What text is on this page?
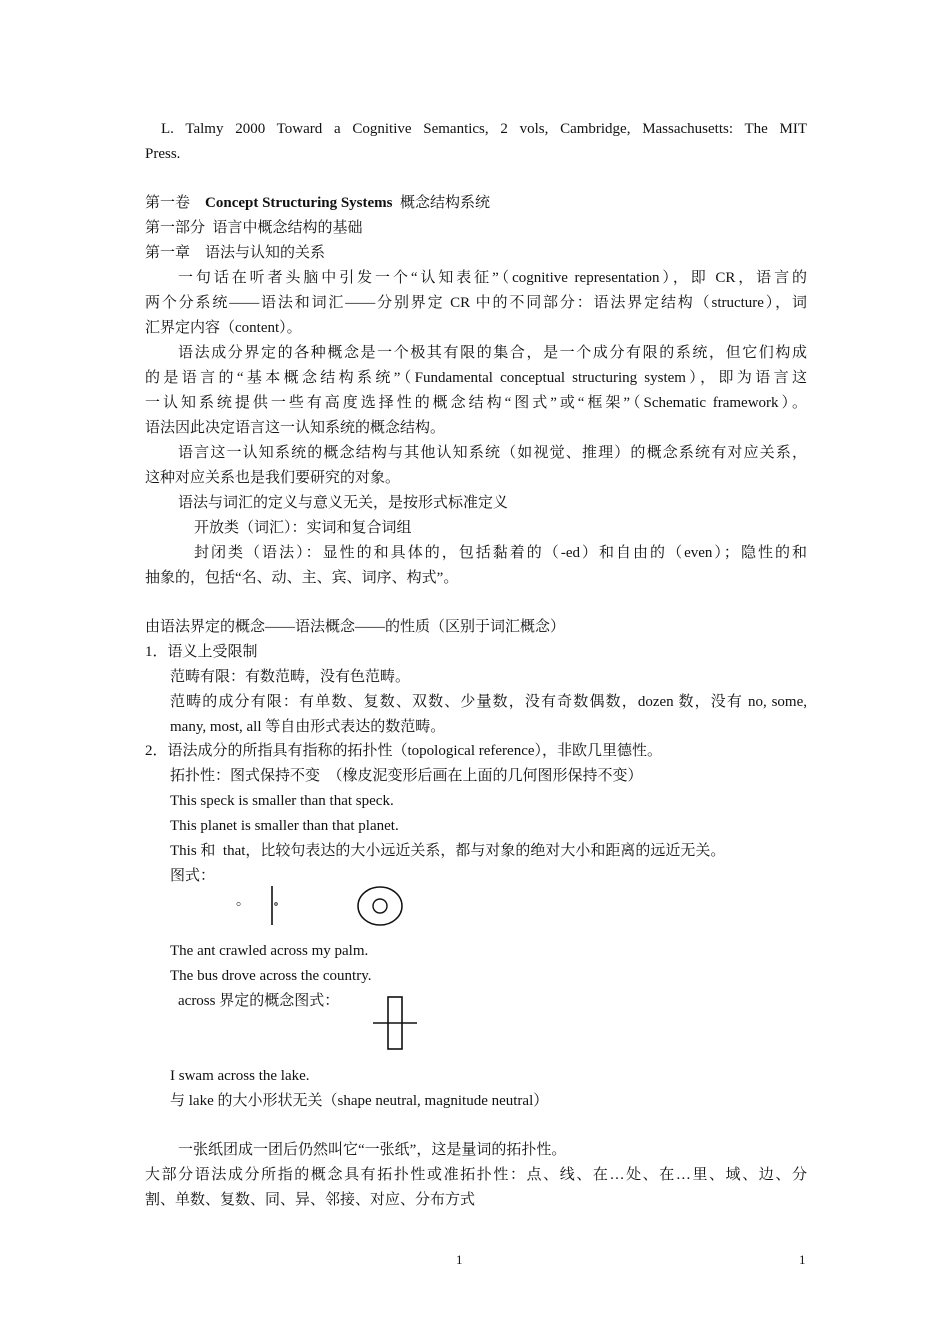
L. Talmy 2000 Toward a Cognitive Semantics, 2 vols, Cambridge, Massachusetts: The MIT
Press.
第一卷 Concept Structuring Systems 概念结构系统
第一部分  语言中概念结构的基础
第一章    语法与认知的关系
一句话在听者头脑中引发一个“认知表征”（cognitive representation），即 CR，语言的
两个分系统——语法和词汇——分别界定 CR 中的不同部分：语法界定结构（structure），词
汇界定内容（content）。
语法成分界定的各种概念是一个极其有限的集合，是一个成分有限的系统，但它们构成
的是语言的“基本概念结构系统”（Fundamental conceptual structuring system），即为语言这
一认知系统提供一些有高度选择性的概念结构“图式”或“框架”（Schematic framework）。
语法因此决定语言这一认知系统的概念结构。
语言这一认知系统的概念结构与其他认知系统（如视觉、推理）的概念系统有对应关系，
这种对应关系也是我们要研究的对象。
语法与词汇的定义与意义无关，是按形式标准定义
开放类（词汇）：实词和复合词组
封闭类（语法）：显性的和具体的，包括黏着的（-ed）和自由的（even）；隐性的和
抽象的，包括“名、动、主、宾、词序、构式”。
由语法界定的概念——语法概念——的性质（区别于词汇概念）
1．语义上受限制
范畴有限：有数范畴，没有色范畴。
范畴的成分有限：有单数、复数、双数、少量数，没有奇数偶数，dozen 数，没有 no, some,
many, most, all 等自由形式表达的数范畴。
2．语法成分的所指具有指称的拓扑性（topological reference），非欧几里德性。
拓扑性：图式保持不变  （橡皮泥变形后画在上面的几何图形保持不变）
This speck is smaller than that speck.
This planet is smaller than that planet.
This 和  that，比较句表达的大小远近关系，都与对象的绝对大小和距离的远近无关。
图式：
。
The ant crawled across my palm.
The bus drove across the country.
across 界定的概念图式：
I swam across the lake.
与 lake 的大小形状无关（shape neutral, magnitude neutral）
一张纸团成一团后仍然叫它“一张纸”，这是量词的拓扑性。
大部分语法成分所指的概念具有拓扑性或准拓扑性：点、线、在…处、在…里、域、边、分
割、单数、复数、同、异、邻接、对应、分布方式
1	1
